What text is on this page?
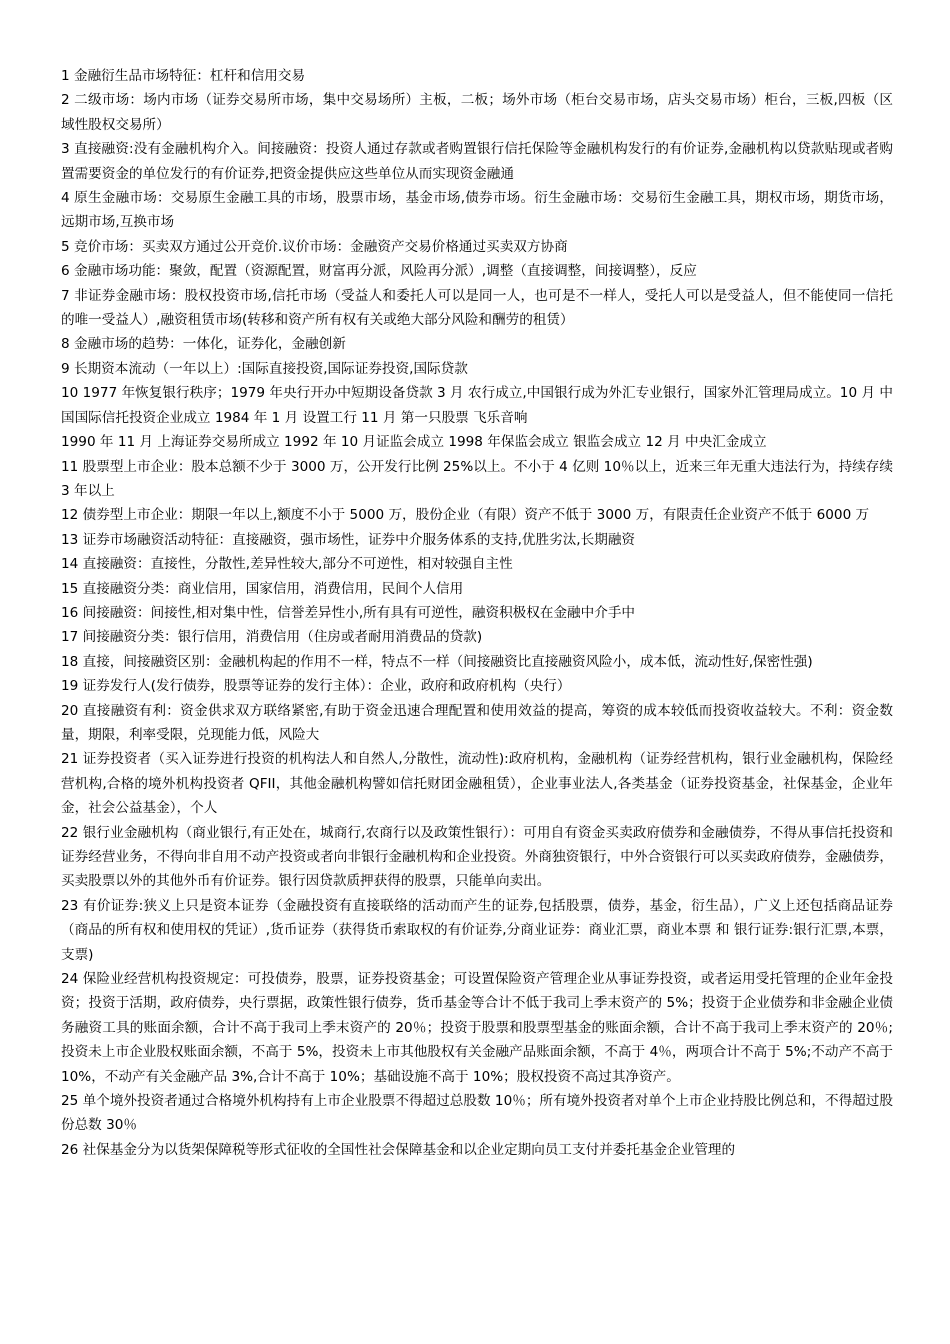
1 金融衍生品市场特征：杠杆和信用交易

2 二级市场：场内市场（证券交易所市场，集中交易场所）主板，二板；场外市场（柜台交易市场，店头交易市场）柜台，三板,四板（区域性股权交易所）

3 直接融资:没有金融机构介入。间接融资：投资人通过存款或者购置银行信托保险等金融机构发行的有价证券,金融机构以贷款贴现或者购置需要资金的单位发行的有价证券,把资金提供应这些单位从而实现资金融通

4 原生金融市场：交易原生金融工具的市场，股票市场，基金市场,债券市场。衍生金融市场：交易衍生金融工具，期权市场，期货市场，远期市场,互换市场

5 竞价市场：买卖双方通过公开竞价.议价市场：金融资产交易价格通过买卖双方协商

6 金融市场功能：聚敛，配置（资源配置，财富再分派，风险再分派）,调整（直接调整，间接调整），反应

7 非证券金融市场：股权投资市场,信托市场（受益人和委托人可以是同一人，也可是不一样人，受托人可以是受益人，但不能使同一信托的唯一受益人）,融资租赁市场(转移和资产所有权有关或绝大部分风险和酬劳的租赁）

8 金融市场的趋势：一体化，证券化，金融创新

9 长期资本流动（一年以上）:国际直接投资,国际证券投资,国际贷款

10 1977 年恢复银行秩序；1979 年央行开办中短期设备贷款 3 月 农行成立,中国银行成为外汇专业银行，国家外汇管理局成立。10 月 中国国际信托投资企业成立 1984 年 1 月 设置工行 11 月 第一只股票 飞乐音响

1990 年 11 月 上海证券交易所成立 1992 年 10 月证监会成立 1998 年保监会成立 银监会成立 12 月 中央汇金成立

11 股票型上市企业：股本总额不少于 3000 万，公开发行比例 25%以上。不小于 4 亿则 10％以上，近来三年无重大违法行为，持续存续 3 年以上

12 债券型上市企业：期限一年以上,额度不小于 5000 万，股份企业（有限）资产不低于 3000 万，有限责任企业资产不低于 6000 万

13 证券市场融资活动特征：直接融资，强市场性，证券中介服务体系的支持,优胜劣汰,长期融资

14 直接融资：直接性，分散性,差异性较大,部分不可逆性，相对较强自主性

15 直接融资分类：商业信用，国家信用，消费信用，民间个人信用

16 间接融资：间接性,相对集中性，信誉差异性小,所有具有可逆性，融资积极权在金融中介手中

17 间接融资分类：银行信用，消费信用（住房或者耐用消费品的贷款)

18 直接，间接融资区别：金融机构起的作用不一样，特点不一样（间接融资比直接融资风险小，成本低，流动性好,保密性强)

19 证券发行人(发行债券，股票等证券的发行主体）：企业，政府和政府机构（央行）

20 直接融资有利：资金供求双方联络紧密,有助于资金迅速合理配置和使用效益的提高，筹资的成本较低而投资收益较大。不利：资金数量，期限，利率受限，兑现能力低，风险大

21 证券投资者（买入证券进行投资的机构法人和自然人,分散性，流动性):政府机构，金融机构（证券经营机构，银行业金融机构，保险经营机构,合格的境外机构投资者 QFII，其他金融机构譬如信托财团金融租赁），企业事业法人,各类基金（证券投资基金，社保基金，企业年金，社会公益基金），个人

22 银行业金融机构（商业银行,有正处在，城商行,农商行以及政策性银行）：可用自有资金买卖政府债券和金融债券，不得从事信托投资和证券经营业务，不得向非自用不动产投资或者向非银行金融机构和企业投资。外商独资银行，中外合资银行可以买卖政府债券，金融债券，买卖股票以外的其他外币有价证券。银行因贷款质押获得的股票，只能单向卖出。

23 有价证券:狭义上只是资本证券（金融投资有直接联络的活动而产生的证券,包括股票，债券，基金，衍生品），广义上还包括商品证券（商品的所有权和使用权的凭证）,货币证券（获得货币索取权的有价证券,分商业证券：商业汇票，商业本票 和 银行证券:银行汇票,本票，支票)

24 保险业经营机构投资规定：可投债券，股票，证券投资基金；可设置保险资产管理企业从事证券投资，或者运用受托管理的企业年金投资；投资于活期，政府债券，央行票据，政策性银行债券，货币基金等合计不低于我司上季末资产的 5%；投资于企业债券和非金融企业债务融资工具的账面余额，合计不高于我司上季末资产的 20％；投资于股票和股票型基金的账面余额，合计不高于我司上季末资产的 20％;投资未上市企业股权账面余额，不高于 5%，投资未上市其他股权有关金融产品账面余额，不高于 4％，两项合计不高于 5%;不动产不高于 10%，不动产有关金融产品 3%,合计不高于 10%；基础设施不高于 10%；股权投资不高过其净资产。

25 单个境外投资者通过合格境外机构持有上市企业股票不得超过总股数 10％；所有境外投资者对单个上市企业持股比例总和，不得超过股份总数 30％

26 社保基金分为以货架保障税等形式征收的全国性社会保障基金和以企业定期向员工支付并委托基金企业管理的
